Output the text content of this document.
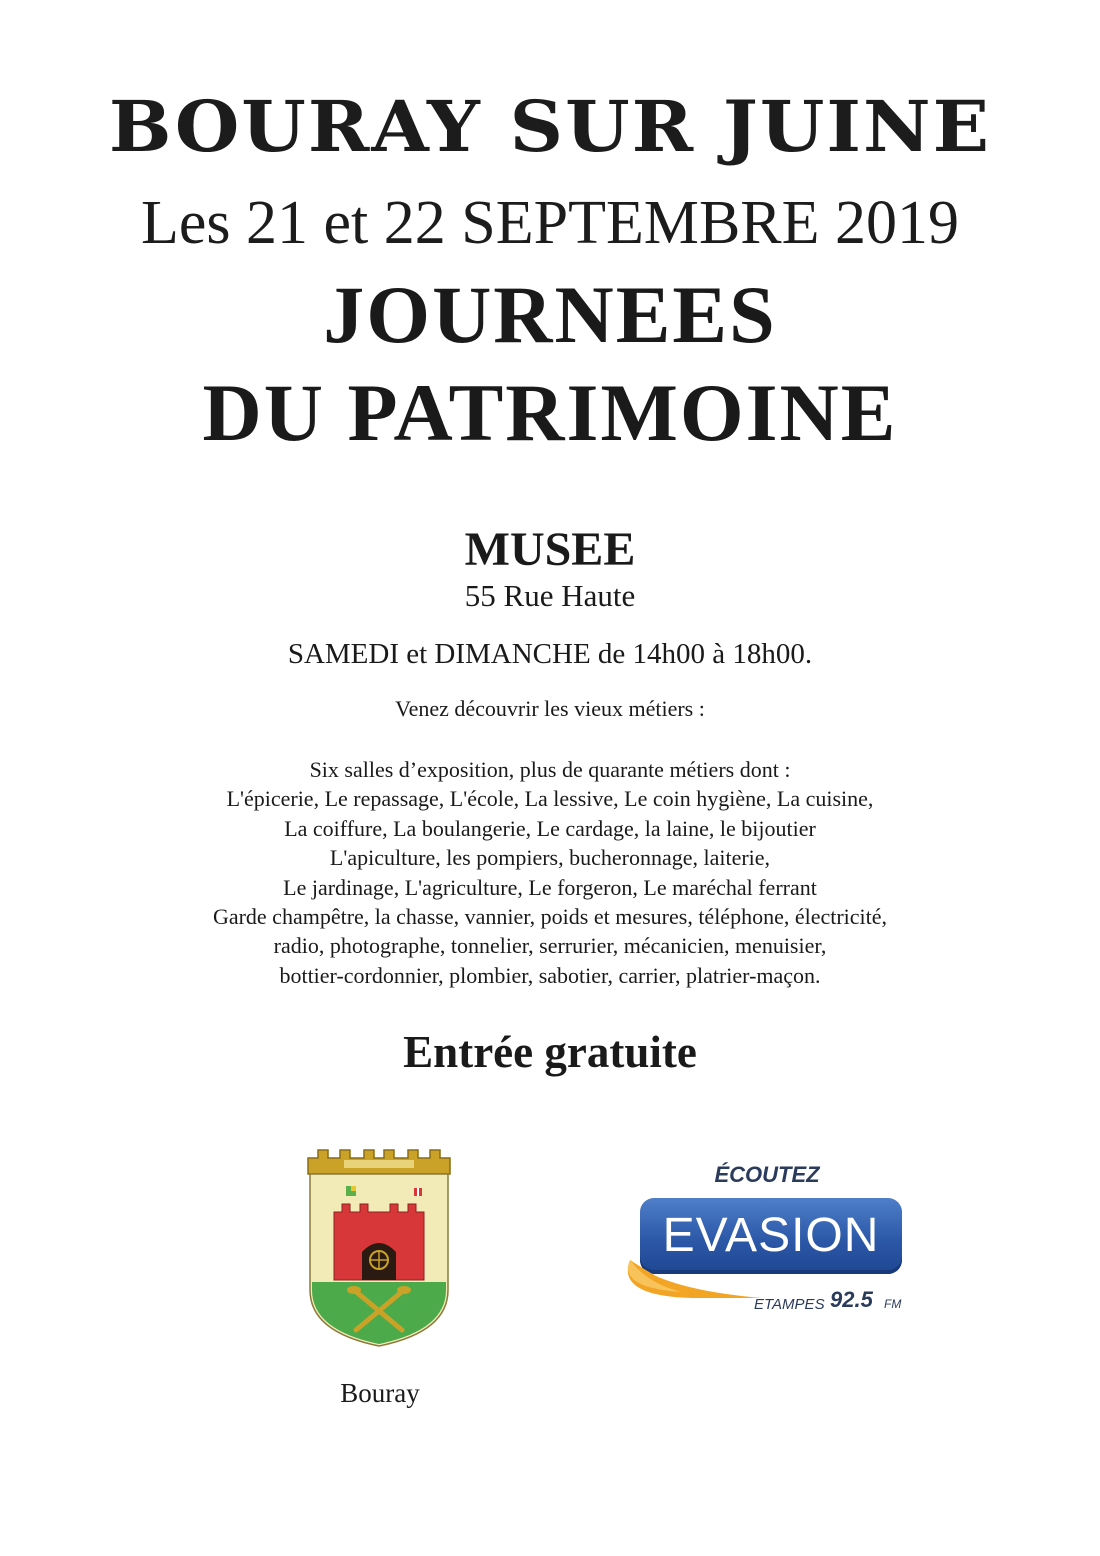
BOURAY SUR JUINE
Les 21 et 22 SEPTEMBRE 2019
JOURNEES
DU PATRIMOINE
MUSEE
55 Rue Haute
SAMEDI et DIMANCHE de 14h00 à 18h00.
Venez découvrir les vieux métiers :
Six salles d’exposition, plus de quarante métiers dont :
L'épicerie, Le repassage, L'école, La lessive, Le coin hygiène, La cuisine,
La coiffure, La boulangerie, Le cardage, la laine, le bijoutier
L'apiculture, les pompiers, bucheronnage, laiterie,
Le jardinage, L'agriculture, Le forgeron, Le maréchal ferrant
Garde champêtre, la chasse, vannier, poids et mesures, téléphone, électricité,
radio, photographe, tonnelier, serrurier, mécanicien, menuisier,
bottier-cordonnier, plombier, sabotier, carrier, platrier-maçon.
Entrée gratuite
Bouray
ÉCOUTEZ
EVASION
ETAMPES 92.5 FM
